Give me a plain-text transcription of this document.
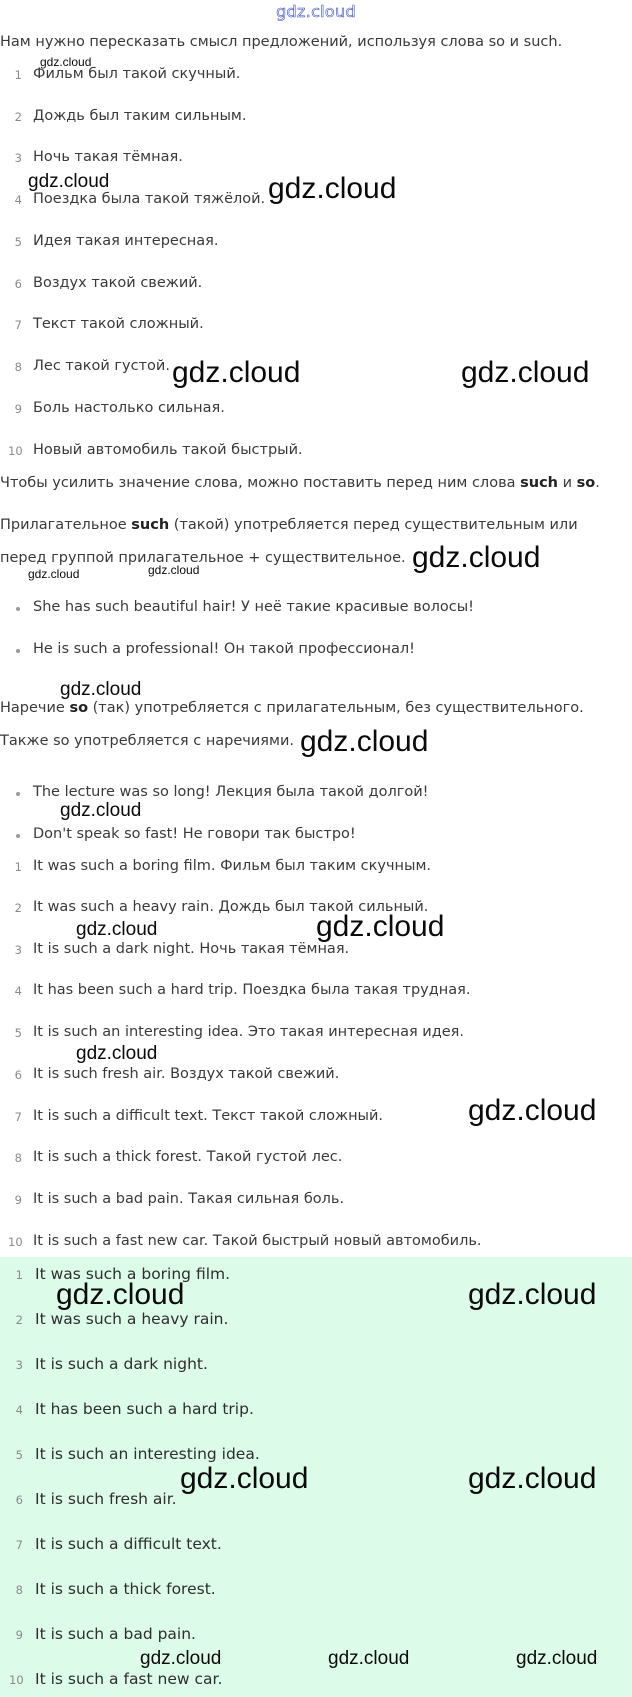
gdz.cloud
Нам нужно пересказать смысл предложений, используя слова so и such.
1 Фильм был такой скучный.
2 Дождь был таким сильным.
3 Ночь такая тёмная.
4 Поездка была такой тяжёлой.
5 Идея такая интересная.
6 Воздух такой свежий.
7 Текст такой сложный.
8 Лес такой густой.
9 Боль настолько сильная.
10 Новый автомобиль такой быстрый.
Чтобы усилить значение слова, можно поставить перед ним слова such и so.
Прилагательное such (такой) употребляется перед существительным или
перед группой прилагательное + существительное.
She has such beautiful hair! У неё такие красивые волосы!
He is such a professional! Он такой профессионал!
Наречие so (так) употребляется с прилагательным, без существительного.
Также so употребляется с наречиями.
The lecture was so long! Лекция была такой долгой!
Don't speak so fast! Не говори так быстро!
1 It was such a boring film. Фильм был таким скучным.
2 It was such a heavy rain. Дождь был такой сильный.
3 It is such a dark night. Ночь такая тёмная.
4 It has been such a hard trip. Поездка была такая трудная.
5 It is such an interesting idea. Это такая интересная идея.
6 It is such fresh air. Воздух такой свежий.
7 It is such a difficult text. Текст такой сложный.
8 It is such a thick forest. Такой густой лес.
9 It is such a bad pain. Такая сильная боль.
10 It is such a fast new car. Такой быстрый новый автомобиль.
1 It was such a boring film.
2 It was such a heavy rain.
3 It is such a dark night.
4 It has been such a hard trip.
5 It is such an interesting idea.
6 It is such fresh air.
7 It is such a difficult text.
8 It is such a thick forest.
9 It is such a bad pain.
10 It is such a fast new car.
gdz.cloud
gdz.cloud	gdz.cloud
gdz.cloud	gdz.cloud
gdz.cloud
gdz.cloud	gdz.cloud
gdz.cloud
gdz.cloud
gdz.cloud
gdz.cloud	gdz.cloud
gdz.cloud
gdz.cloud
gdz.cloud	gdz.cloud
gdz.cloud	gdz.cloud
gdz.cloud	gdz.cloud	gdz.cloud
